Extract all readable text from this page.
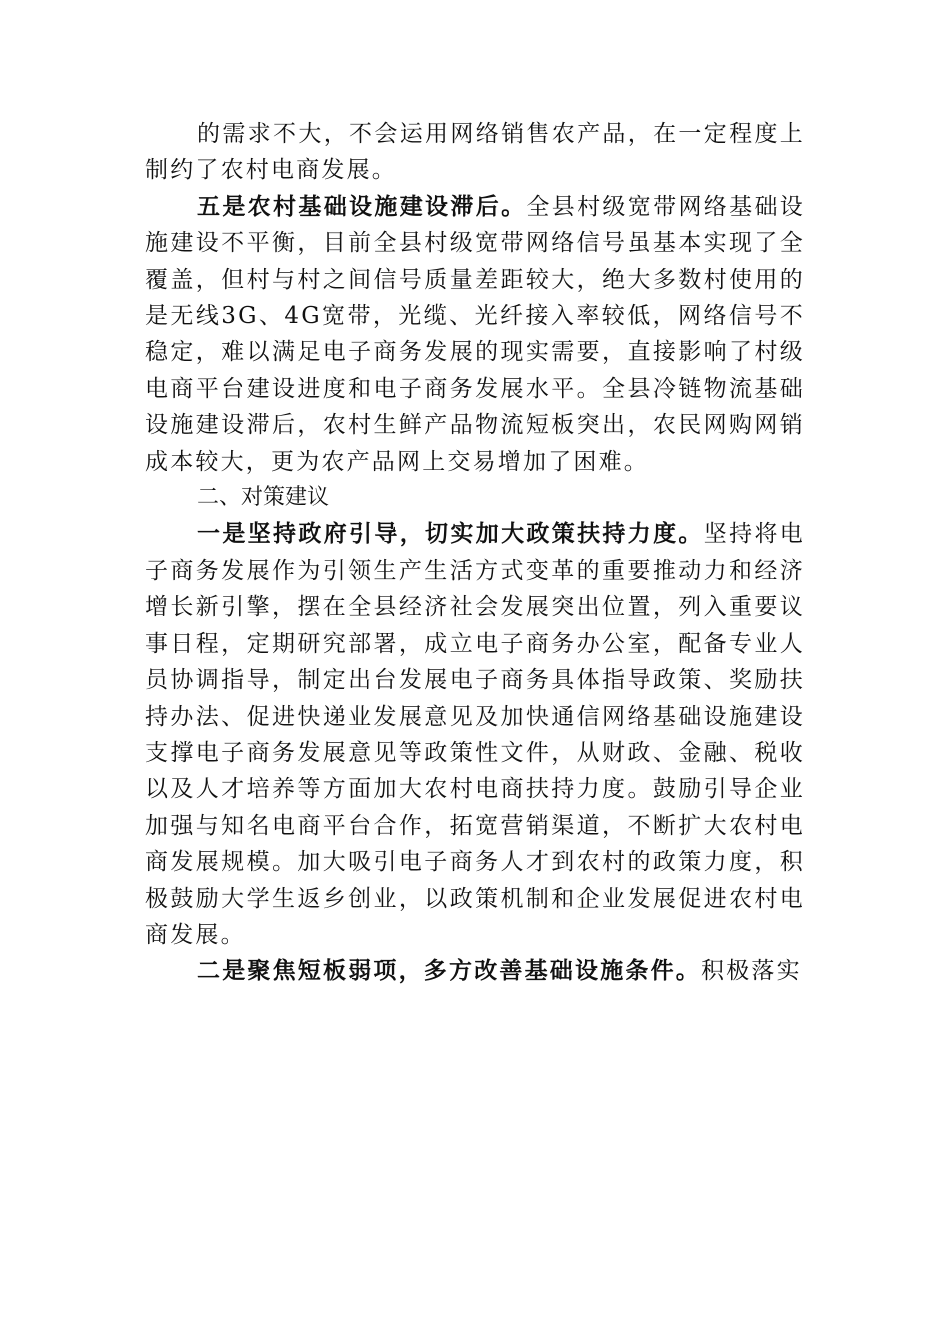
的需求不大，不会运用网络销售农产品，在一定程度上制约了农村电商发展。

五是农村基础设施建设滞后。全县村级宽带网络基础设施建设不平衡，目前全县村级宽带网络信号虽基本实现了全覆盖，但村与村之间信号质量差距较大，绝大多数村使用的是无线3G、4G宽带，光缆、光纤接入率较低，网络信号不稳定，难以满足电子商务发展的现实需要，直接影响了村级电商平台建设进度和电子商务发展水平。全县冷链物流基础设施建设滞后，农村生鲜产品物流短板突出，农民网购网销成本较大，更为农产品网上交易增加了困难。

二、对策建议

一是坚持政府引导，切实加大政策扶持力度。坚持将电子商务发展作为引领生产生活方式变革的重要推动力和经济增长新引擎，摆在全县经济社会发展突出位置，列入重要议事日程，定期研究部署，成立电子商务办公室，配备专业人员协调指导，制定出台发展电子商务具体指导政策、奖励扶持办法、促进快递业发展意见及加快通信网络基础设施建设支撑电子商务发展意见等政策性文件，从财政、金融、税收以及人才培养等方面加大农村电商扶持力度。鼓励引导企业加强与知名电商平台合作，拓宽营销渠道，不断扩大农村电商发展规模。加大吸引电子商务人才到农村的政策力度，积极鼓励大学生返乡创业，以政策机制和企业发展促进农村电商发展。

二是聚焦短板弱项，多方改善基础设施条件。积极落实
